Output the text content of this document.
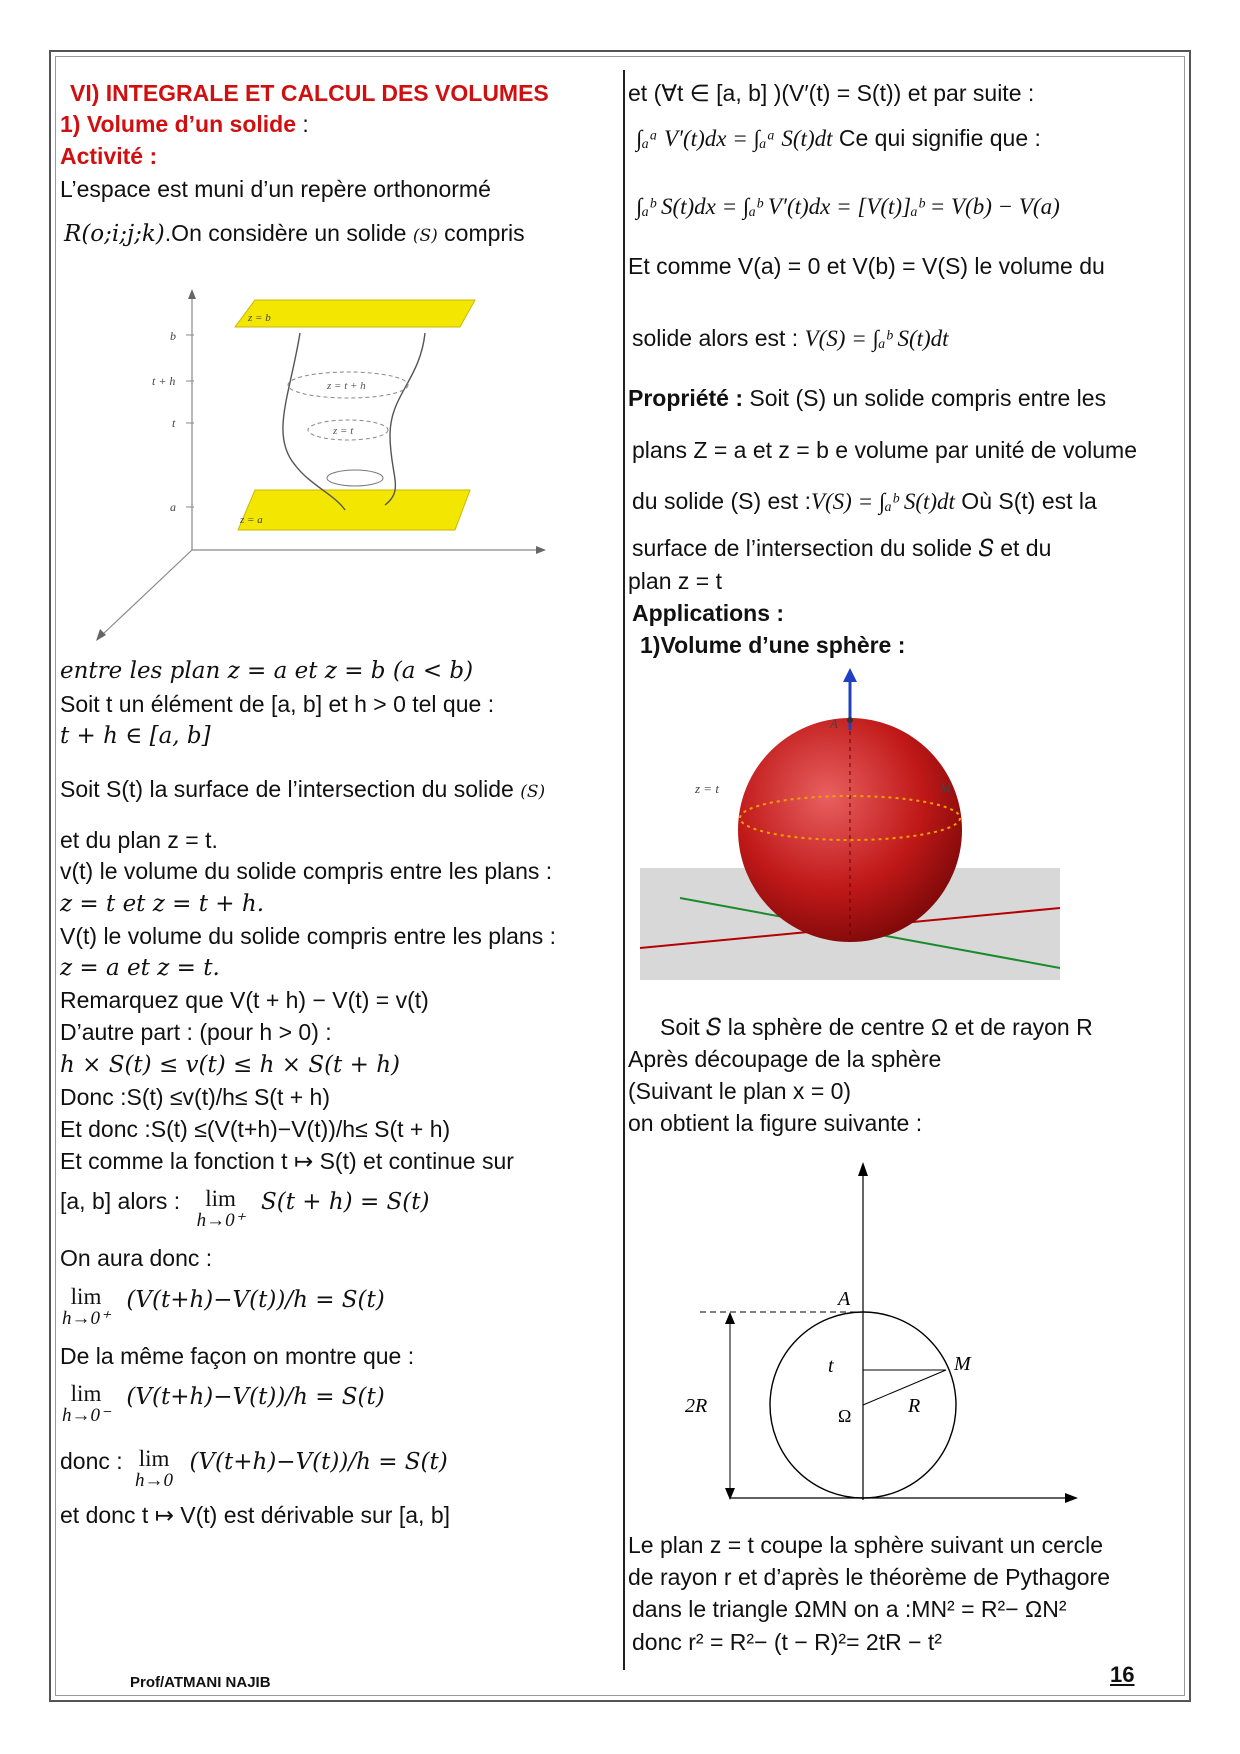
VI) INTEGRALE ET CALCUL DES VOLUMES
1) Volume d’un solide :
Activité :
L’espace est muni d’un repère orthonormé
R(o;i;j;k).On considère un solide (S) compris
b
t + h
t
a
z = t + h
z = t
z = b
z = a
entre les plan z = a et z = b (a < b)
Soit t un élément de [a, b] et h > 0 tel que :
t + h ∈ [a, b]
Soit S(t) la surface de l’intersection du solide (S)
et du plan z = t.
v(t) le volume du solide compris entre les plans :
z = t et z = t + h.
V(t) le volume du solide compris entre les plans :
z = a et z = t.
Remarquez que V(t + h) − V(t) = v(t)
D’autre part : (pour h > 0) :
h × S(t) ≤ v(t) ≤ h × S(t + h)
Donc :S(t) ≤v(t)/h≤ S(t + h)
Et donc :S(t) ≤(V(t+h)−V(t))/h≤ S(t + h)
Et comme la fonction t ↦ S(t) et continue sur
[a, b] alors :	lim
h→0⁺
S(t + h) = S(t)
On aura donc :
lim
h→0⁺
(V(t+h)−V(t))/h = S(t)
De la même façon on montre que :
lim
h→0⁻
(V(t+h)−V(t))/h = S(t)
donc : lim
h→0
(V(t+h)−V(t))/h = S(t)
et donc t ↦ V(t) est dérivable sur [a, b]
et (∀t ∈ [a, b] )(V′(t) = S(t)) et par suite :
∫ₐᵃ V′(t)dx = ∫ₐᵃ S(t)dt Ce qui signifie que :
∫ₐᵇ S(t)dx = ∫ₐᵇ V′(t)dx = [V(t)]ₐᵇ = V(b) − V(a)
Et comme V(a) = 0 et V(b) = V(S) le volume du
solide alors est : V(S) = ∫ₐᵇ S(t)dt
Propriété : Soit (S) un solide compris entre les
plans Z = a et z = b e volume par unité de volume
du solide (S) est :V(S) = ∫ₐᵇ S(t)dt Où S(t) est la
surface de l’intersection du solide 𝑆 et du
plan z = t
Applications :
1)Volume d’une sphère :
A
M
z = t
Soit 𝑆 la sphère de centre Ω et de rayon R
Après découpage de la sphère
(Suivant le plan x = 0)
on obtient la figure suivante :
A
t	M
2R	Ω	R
Le plan z = t coupe la sphère suivant un cercle
de rayon r et d’après le théorème de Pythagore
dans le triangle ΩMN on a :MN² = R²− ΩN²
donc r² = R²− (t − R)²= 2tR − t²
Prof/ATMANI NAJIB	16
